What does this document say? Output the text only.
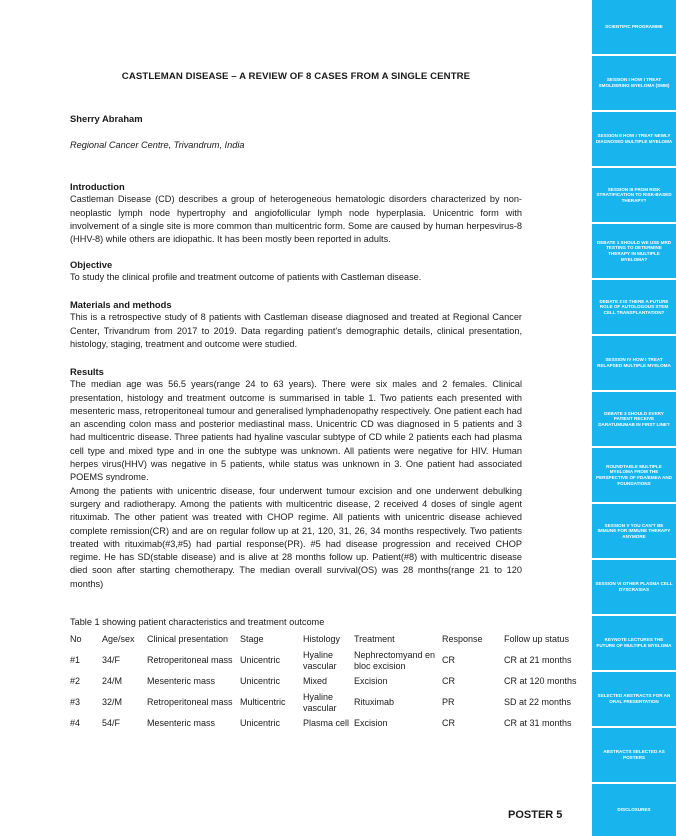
CASTLEMAN DISEASE – A REVIEW OF 8 CASES FROM A SINGLE CENTRE
Sherry Abraham
Regional Cancer Centre, Trivandrum, India
Introduction

Castleman Disease (CD) describes a group of heterogeneous hematologic disorders characterized by non-neoplastic lymph node hypertrophy and angiofollicular lymph node hyperplasia. Unicentric form with involvement of a single site is more common than multicentric form. Some are caused by human herpesvirus-8 (HHV-8) while others are idiopathic. It has been mostly been reported in adults.

Objective

To study the clinical profile and treatment outcome of patients with Castleman disease.

Materials and methods

This is a retrospective study of 8 patients with Castleman disease diagnosed and treated at Regional Cancer Center, Trivandrum from 2017 to 2019. Data regarding patient's demographic details, clinical presentation, histology, staging, treatment and outcome were studied.

Results

The median age was 56.5 years(range 24 to 63 years). There were six males and 2 females. Clinical presentation, histology and treatment outcome is summarised in table 1. Two patients each presented with mesenteric mass, retroperitoneal tumour and generalised lymphadenopathy respectively. One patient each had an ascending colon mass and posterior mediastinal mass. Unicentric CD was diagnosed in 5 patients and 3 had multicentric disease. Three patients had hyaline vascular subtype of CD while 2 patients each had plasma cell type and mixed type and in one the subtype was unknown. All patients were negative for HIV. Human herpes virus(HHV) was negative in 5 patients, while status was unknown in 3. One patient had associated POEMS syndrome.

Among the patients with unicentric disease, four underwent tumour excision and one underwent debulking surgery and radiotherapy. Among the patients with multicentric disease, 2 received 4 doses of single agent rituximab. The other patient was treated with CHOP regime. All patients with unicentric disease achieved complete remission(CR) and are on regular follow up at 21, 120, 31, 26, 34 months respectively. Two patients treated with rituximab(#3,#5) had partial response(PR). #5 had disease progression and received CHOP regime. He has SD(stable disease) and is alive at 28 months follow up. Patient(#8) with multicentric disease died soon after starting chemotherapy. The median overall survival(OS) was 28 months(range 21 to 120 months)

Table 1 showing patient characteristics and treatment outcome
No	Age/sex	Clinical presentation	Stage	Histology	Treatment	Response	Follow up status
#1	34/F	Retroperitoneal mass	Unicentric	Hyaline vascular	Nephrectomyand en bloc excision	CR	CR at 21 months
#2	24/M	Mesenteric mass	Unicentric	Mixed	Excision	CR	CR at 120 months
#3	32/M	Retroperitoneal mass	Multicentric	Hyaline vascular	Rituximab	PR	SD at 22 months
#4	54/F	Mesenteric mass	Unicentric	Plasma cell	Excision	CR	CR at 31 months
POSTER 5
SCIENTIFIC PROGRAMME
SESSION I HOW I TREAT SMOLDERING MYELOMA (SMM)
SESSION II HOW I TREAT NEWLY DIAGNOSED MULTIPLE MYELOMA
SESSION III FROM RISK STRATIFICATION TO RISK-BASED THERAPY?
DEBATE 1 SHOULD WE USE MRD TESTING TO DETERMINE THERAPY IN MULTIPLE MYELOMA?
DEBATE 2 IS THERE A FUTURE ROLE OF AUTOLOGOUS STEM CELL TRANSPLANTATION?
SESSION IV HOW I TREAT RELAPSED MULTIPLE MYELOMA
DEBATE 3 SHOULD EVERY PATIENT RECEIVE DARATUMUMAB IN FIRST LINE?
ROUNDTABLE MULTIPLE MYELOMA FROM THE PERSPECTIVE OF FDA/EMEA AND FOUNDATIONS
SESSION V YOU CAN'T BE IMMUNE FOR IMMUNE THERAPY ANYMORE
SESSION VI OTHER PLASMA CELL DYSCRASIAS
KEYNOTE LECTURES THE FUTURE OF MULTIPLE MYELOMA
SELECTED ABSTRACTS FOR AN ORAL PRESENTATION
ABSTRACTS SELECTED AS POSTERS
DISCLOSURES
